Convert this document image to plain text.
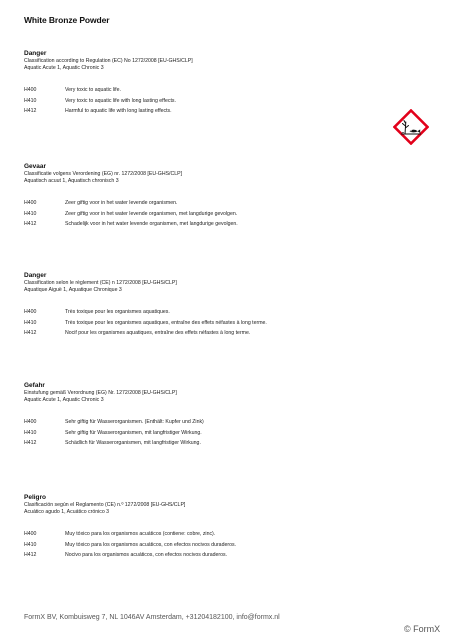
White Bronze Powder
Danger
Classification according to Regulation (EC) No 1272/2008 [EU-GHS/CLP]
Aquatic Acute 1, Aquatic Chronic 3
H400	Very toxic to aquatic life.
H410	Very toxic to aquatic life with long lasting effects.
H412	Harmful to aquatic life with long lasting effects.
Gevaar
Classificatie volgens Verordening (EG) nr. 1272/2008 [EU-GHS/CLP]
Aquatisch acuut 1, Aquatisch chronisch 3
H400	Zeer giftig voor in het water levende organismen.
H410	Zeer giftig voor in het water levende organismen, met langdurige gevolgen.
H412	Schadelijk voor in het water levende organismen, met langdurige gevolgen.
Danger
Classification selon le règlement (CE) n 1272/2008 [EU-GHS/CLP]
Aquatique Aiguë 1, Aquatique Chronique 3
H400	Très toxique pour les organismes aquatiques.
H410	Très toxique pour les organismes aquatiques, entraîne des effets néfastes à long terme.
H412	Nocif pour les organismes aquatiques, entraîne des effets néfastes à long terme.
Gefahr
Einstufung gemäß Verordnung (EG) Nr. 1272/2008 [EU-GHS/CLP]
Aquatic Acute 1, Aquatic Chronic 3
H400	Sehr giftig für Wasserorganismen. (Enthält: Kupfer und Zink)
H410	Sehr giftig für Wasserorganismen, mit langfristiger Wirkung.
H412	Schädlich für Wasserorganismen, mit langfristiger Wirkung.
Peligro
Clasificación según el Reglamento (CE) n.º 1272/2008 [EU-GHS/CLP]
Acuático agudo 1, Acuático crónico 3
H400	Muy tóxico para los organismos acuáticos (contiene: cobre, zinc).
H410	Muy tóxico para los organismos acuáticos, con efectos nocivos duraderos.
H412	Nocivo para los organismos acuáticos, con efectos nocivos duraderos.
FormX BV, Kombuisweg 7, NL 1046AV Amsterdam, +31204182100, info@formx.nl
© FormX
